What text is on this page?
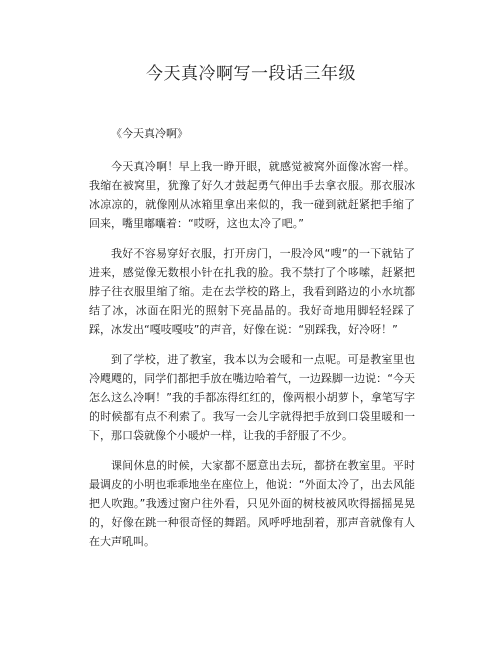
今天真冷啊写一段话三年级

《今天真冷啊》

今天真冷啊！早上我一睁开眼，就感觉被窝外面像冰窖一样。我缩在被窝里，犹豫了好久才鼓起勇气伸出手去拿衣服。那衣服冰冰凉凉的，就像刚从冰箱里拿出来似的，我一碰到就赶紧把手缩了回来，嘴里嘟囔着：“哎呀，这也太冷了吧。”

我好不容易穿好衣服，打开房门，一股冷风“嗖”的一下就钻了进来，感觉像无数根小针在扎我的脸。我不禁打了个哆嗦，赶紧把脖子往衣服里缩了缩。走在去学校的路上，我看到路边的小水坑都结了冰，冰面在阳光的照射下亮晶晶的。我好奇地用脚轻轻踩了踩，冰发出“嘎吱嘎吱”的声音，好像在说：“别踩我，好冷呀！”

到了学校，进了教室，我本以为会暖和一点呢。可是教室里也冷飕飕的，同学们都把手放在嘴边哈着气，一边跺脚一边说：“今天怎么这么冷啊！”我的手都冻得红红的，像两根小胡萝卜，拿笔写字的时候都有点不利索了。我写一会儿字就得把手放到口袋里暖和一下，那口袋就像个小暖炉一样，让我的手舒服了不少。

课间休息的时候，大家都不愿意出去玩，都挤在教室里。平时最调皮的小明也乖乖地坐在座位上，他说：“外面太冷了，出去风能把人吹跑。”我透过窗户往外看，只见外面的树枝被风吹得摇摇晃晃的，好像在跳一种很奇怪的舞蹈。风呼呼地刮着，那声音就像有人在大声吼叫。
